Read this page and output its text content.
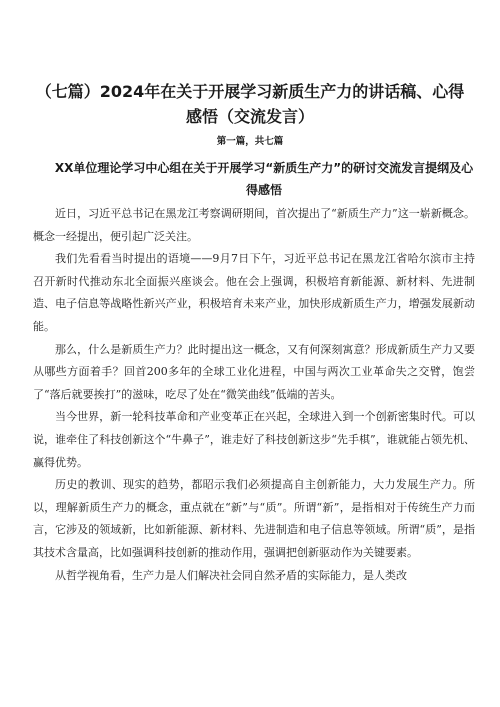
（七篇）2024年在关于开展学习新质生产力的讲话稿、心得感悟（交流发言）
第一篇，共七篇
XX单位理论学习中心组在关于开展学习“新质生产力”的研讨交流发言提纲及心得感悟

近日，习近平总书记在黑龙江考察调研期间，首次提出了“新质生产力”这一崭新概念。概念一经提出，便引起广泛关注。

我们先看看当时提出的语境——9月7日下午，习近平总书记在黑龙江省哈尔滨市主持召开新时代推动东北全面振兴座谈会。他在会上强调，积极培育新能源、新材料、先进制造、电子信息等战略性新兴产业，积极培育未来产业，加快形成新质生产力，增强发展新动能。

那么，什么是新质生产力？此时提出这一概念，又有何深刻寓意？形成新质生产力又要从哪些方面着手？回首200多年的全球工业化进程，中国与两次工业革命失之交臂，饱尝了“落后就要挨打”的滋味，吃尽了处在“微笑曲线”低端的苦头。

当今世界，新一轮科技革命和产业变革正在兴起，全球进入到一个创新密集时代。可以说，谁牵住了科技创新这个“牛鼻子”，谁走好了科技创新这步“先手棋”，谁就能占领先机、赢得优势。

历史的教训、现实的趋势，都昭示我们必须提高自主创新能力，大力发展生产力。所以，理解新质生产力的概念，重点就在“新”与“质”。所谓“新”，是指相对于传统生产力而言，它涉及的领域新，比如新能源、新材料、先进制造和电子信息等领域。所谓“质”，是指其技术含量高，比如强调科技创新的推动作用，强调把创新驱动作为关键要素。

从哲学视角看，生产力是人们解决社会同自然矛盾的实际能力，是人类改
